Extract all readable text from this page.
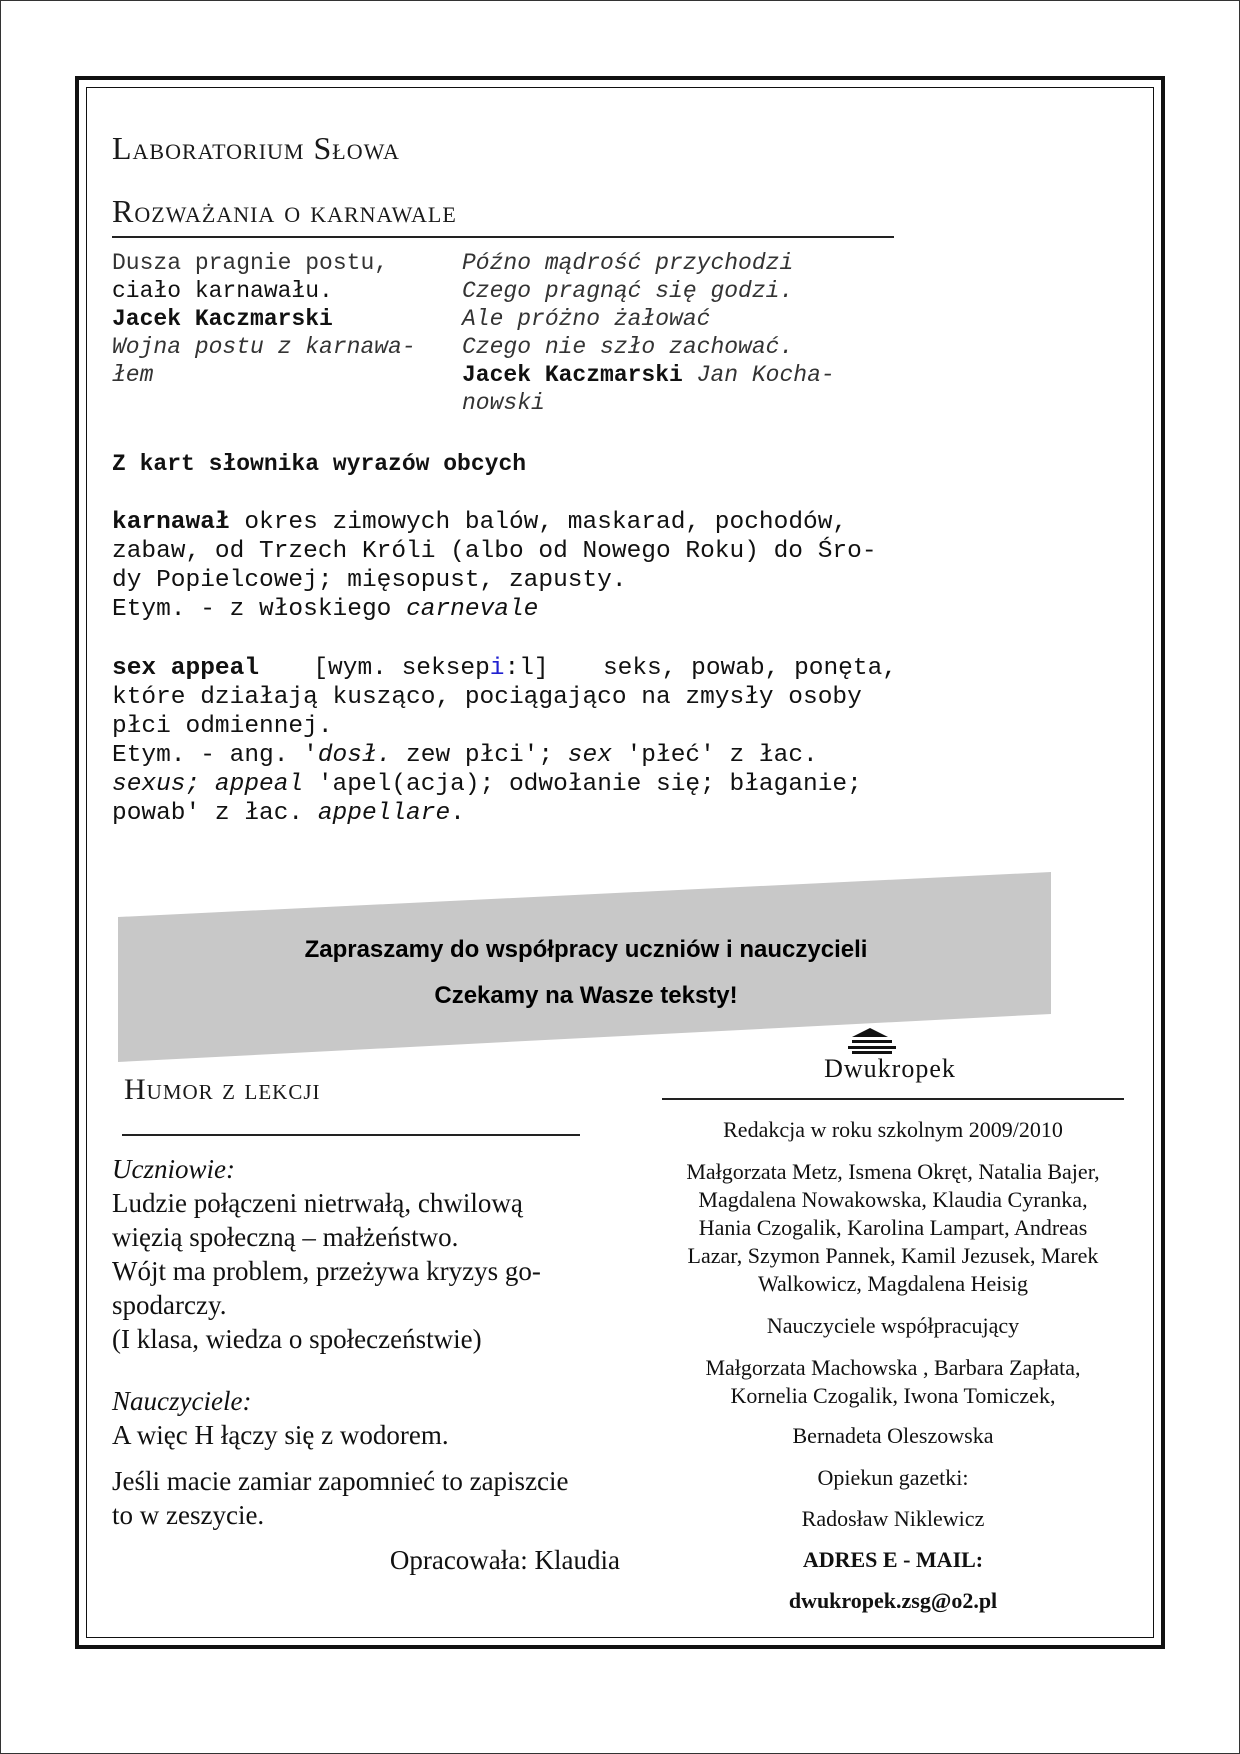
Laboratorium Słowa
Rozważania o karnawale
Dusza pragnie postu,
ciało karnawału.
Jacek Kaczmarski
Wojna postu z karnawa-
łem
Późno mądrość przychodzi
Czego pragnąć się godzi.
Ale próżno żałować
Czego nie szło zachować.
Jacek Kaczmarski Jan Kocha-
nowski
Z kart słownika wyrazów obcych
karnawał okres zimowych balów, maskarad, pochodów,
zabaw, od Trzech Króli (albo od Nowego Roku) do Śro-
dy Popielcowej; mięsopust, zapusty.
Etym. - z włoskiego carnevale
sex appeal [wym. seksepi:l] seks, powab, ponęta,
które działają kusząco, pociągająco na zmysły osoby
płci odmiennej.
Etym. - ang. 'dosł. zew płci'; sex 'płeć' z łac.
sexus; appeal 'apel(acja); odwołanie się; błaganie;
powab' z łac. appellare.
Zapraszamy do współpracy uczniów i nauczycieli
Czekamy na Wasze teksty!
Dwukropek
Humor z lekcji
Uczniowie:
Ludzie połączeni nietrwałą, chwilową
więzią społeczną – małżeństwo.
Wójt ma problem, przeżywa kryzys go-
spodarczy.
(I klasa, wiedza o społeczeństwie)
Nauczyciele:
A więc H łączy się z wodorem.
Jeśli macie zamiar zapomnieć to zapiszcie
to w zeszycie.
Opracowała: Klaudia
Redakcja w roku szkolnym 2009/2010
Małgorzata Metz, Ismena Okręt, Natalia Bajer,
Magdalena Nowakowska, Klaudia Cyranka,
Hania Czogalik, Karolina Lampart, Andreas
Lazar, Szymon Pannek, Kamil Jezusek, Marek
Walkowicz, Magdalena Heisig
Nauczyciele współpracujący
Małgorzata Machowska , Barbara Zapłata,
Kornelia Czogalik, Iwona Tomiczek,
Bernadeta Oleszowska
Opiekun gazetki:
Radosław Niklewicz
ADRES E - MAIL:
dwukropek.zsg@o2.pl
